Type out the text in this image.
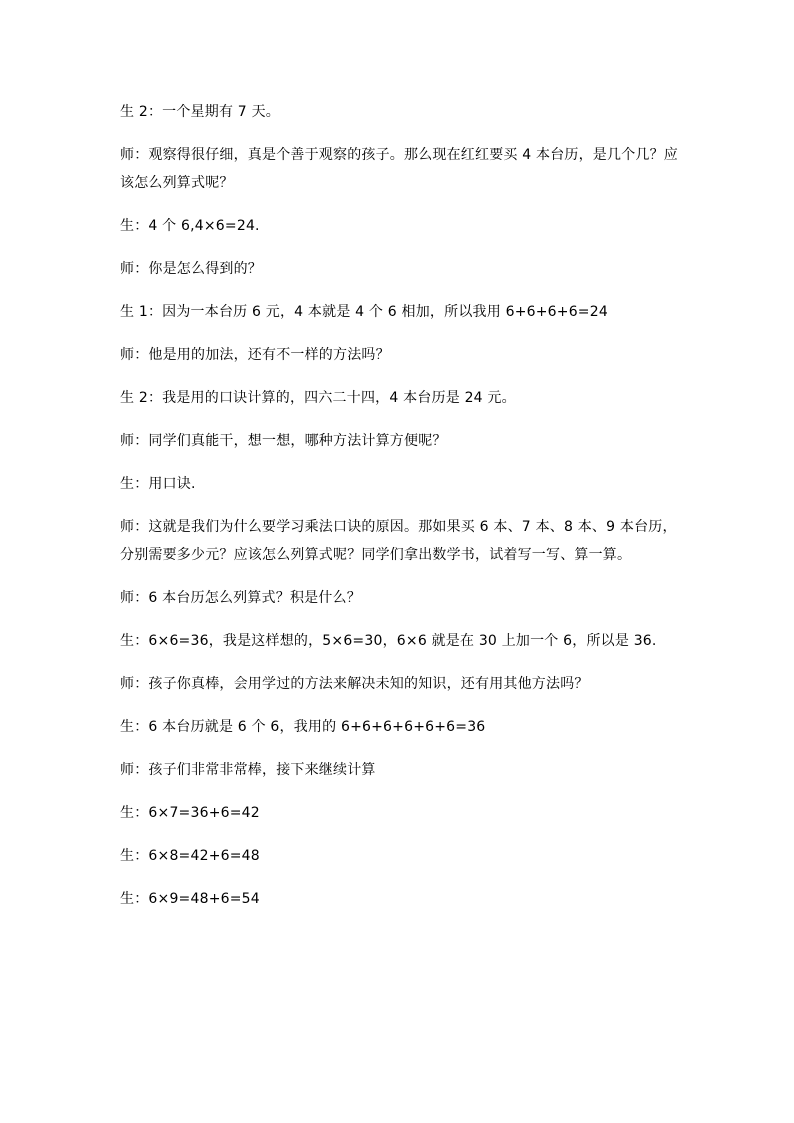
生 2：一个星期有 7 天。

师：观察得很仔细，真是个善于观察的孩子。那么现在红红要买 4 本台历，是几个几？应该怎么列算式呢？

生：4 个 6,4×6=24.

师：你是怎么得到的？

生 1：因为一本台历 6 元，4 本就是 4 个 6 相加，所以我用 6+6+6+6=24

师：他是用的加法，还有不一样的方法吗？

生 2：我是用的口诀计算的，四六二十四，4 本台历是 24 元。

师：同学们真能干，想一想，哪种方法计算方便呢？

生：用口诀.

师：这就是我们为什么要学习乘法口诀的原因。那如果买 6 本、7 本、8 本、9 本台历，分别需要多少元？应该怎么列算式呢？同学们拿出数学书，试着写一写、算一算。

师：6 本台历怎么列算式？积是什么？

生：6×6=36，我是这样想的，5×6=30，6×6 就是在 30 上加一个 6，所以是 36.

师：孩子你真棒，会用学过的方法来解决未知的知识，还有用其他方法吗？

生：6 本台历就是 6 个 6，我用的 6+6+6+6+6+6=36

师：孩子们非常非常棒，接下来继续计算

生：6×7=36+6=42

生：6×8=42+6=48

生：6×9=48+6=54
